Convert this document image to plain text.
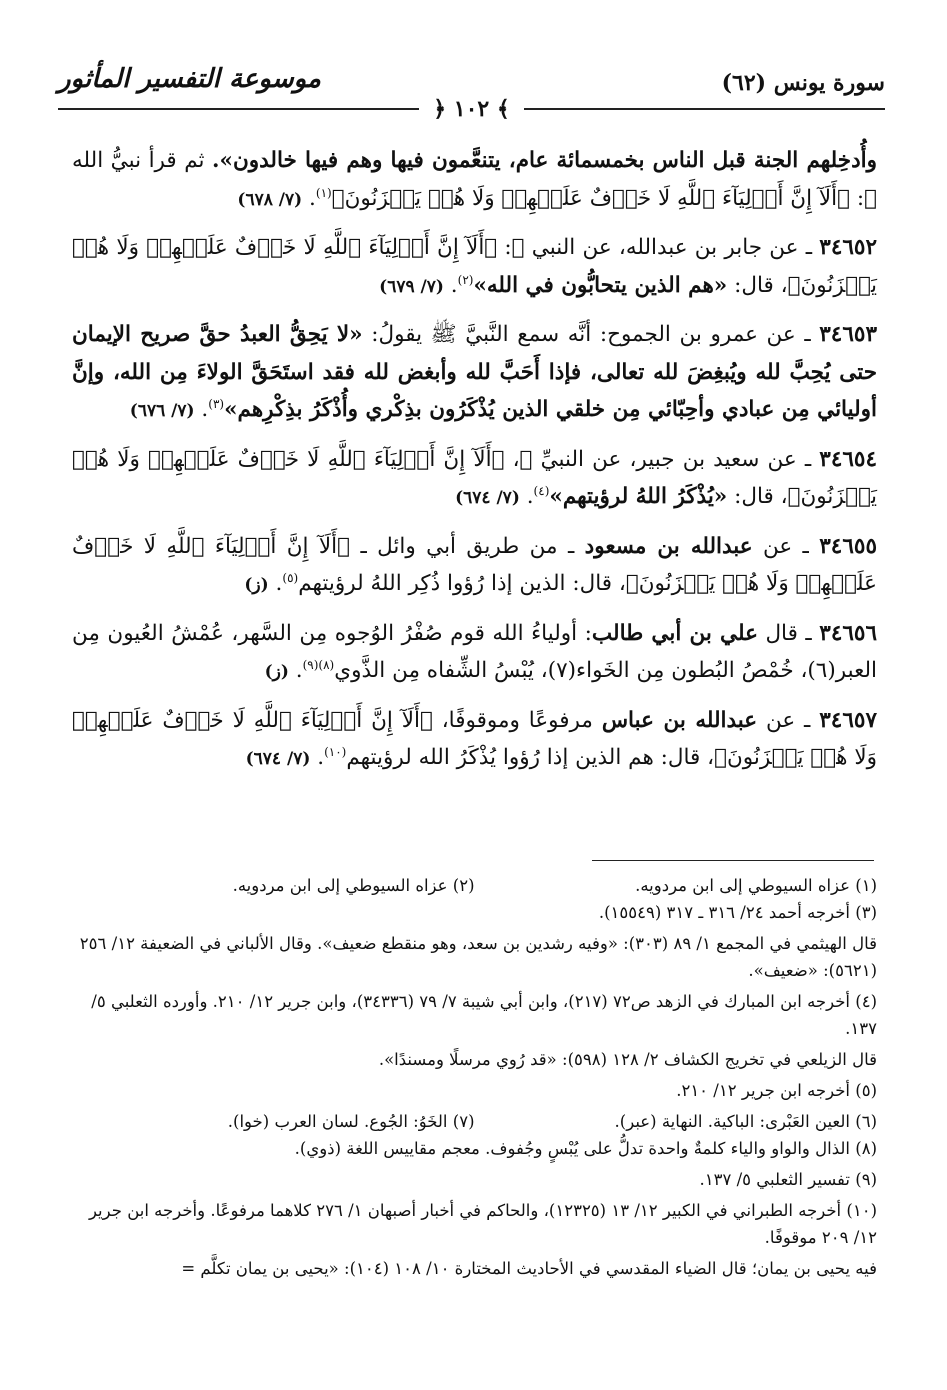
سورة يونس (٦٢)
موسوعة التفسير المأثور
﴾ ١٠٢ ﴿

وأُدخِلهم الجنة قبل الناس بخمسمائة عام، يتنعَّمون فيها وهم فيها خالدون». ثم قرأ نبيُّ الله ﷺ: ﴿أَلَآ إِنَّ أَوۡلِيَآءَ ٱللَّهِ لَا خَوۡفٌ عَلَيۡهِمۡ وَلَا هُمۡ يَحۡزَنُونَ﴾$^{(١)}$. (٧/ ٦٧٨)

٣٤٦٥٢ ـ عن جابر بن عبدالله، عن النبي ﷺ: ﴿أَلَآ إِنَّ أَوۡلِيَآءَ ٱللَّهِ لَا خَوۡفٌ عَلَيۡهِمۡ وَلَا هُمۡ يَحۡزَنُونَ﴾، قال: «هم الذين يتحابُّون في الله»$^{(٢)}$. (٧/ ٦٧٩)

٣٤٦٥٣ ـ عن عمرو بن الجموح: أنَّه سمع النَّبيَّ ﷺ يقولُ: «لا يَحِقُّ العبدُ حقَّ صريح الإيمان حتى يُحِبَّ لله ويُبغِضَ لله تعالى، فإذا أَحَبَّ لله وأبغض لله فقد استَحَقَّ الولاءَ مِن الله، وإنَّ أوليائي مِن عبادي وأحِبّائي مِن خلقي الذين يُذْكَرُون بذِكْري وأُذْكَرُ بذِكْرِهم»$^{(٣)}$. (٧/ ٦٧٦)

٣٤٦٥٤ ـ عن سعيد بن جبير، عن النبيِّ ﷺ، ﴿أَلَآ إِنَّ أَوۡلِيَآءَ ٱللَّهِ لَا خَوۡفٌ عَلَيۡهِمۡ وَلَا هُمۡ يَحۡزَنُونَ﴾، قال: «يُذْكَرُ اللهُ لرؤيتهم»$^{(٤)}$. (٧/ ٦٧٤)

٣٤٦٥٥ ـ عن عبدالله بن مسعود ـ من طريق أبي وائل ـ ﴿أَلَآ إِنَّ أَوۡلِيَآءَ ٱللَّهِ لَا خَوۡفٌ عَلَيۡهِمۡ وَلَا هُمۡ يَحۡزَنُونَ﴾، قال: الذين إذا رُؤوا ذُكِر اللهُ لرؤيتهم$^{(٥)}$. (ز)

٣٤٦٥٦ ـ قال علي بن أبي طالب: أولياءُ الله قوم صُفْرُ الوُجوه مِن السَّهر، عُمْشُ العُيون مِن العبر(٦)، خُمْصُ البُطون مِن الخَواء(٧)، يُبْسُ الشِّفاه مِن الذَّوي$^{(٨)(٩)}$. (ز)

٣٤٦٥٧ ـ عن عبدالله بن عباس مرفوعًا وموقوفًا، ﴿أَلَآ إِنَّ أَوۡلِيَآءَ ٱللَّهِ لَا خَوۡفٌ عَلَيۡهِمۡ وَلَا هُمۡ يَحۡزَنُونَ﴾، قال: هم الذين إذا رُؤوا يُذْكَرُ الله لرؤيتهم$^{(١٠)}$. (٧/ ٦٧٤)

(١) عزاه السيوطي إلى ابن مردويه.
(٢) عزاه السيوطي إلى ابن مردويه.
(٣) أخرجه أحمد ٢٤/ ٣١٦ ـ ٣١٧ (١٥٥٤٩).
قال الهيثمي في المجمع ١/ ٨٩ (٣٠٣): «وفيه رشدين بن سعد، وهو منقطع ضعيف». وقال الألباني في الضعيفة ١٢/ ٢٥٦ (٥٦٢١): «ضعيف».
(٤) أخرجه ابن المبارك في الزهد ص٧٢ (٢١٧)، وابن أبي شيبة ٧/ ٧٩ (٣٤٣٣٦)، وابن جرير ١٢/ ٢١٠. وأورده الثعلبي ٥/ ١٣٧.
قال الزيلعي في تخريج الكشاف ٢/ ١٢٨ (٥٩٨): «قد رُوي مرسلًا ومسندًا».
(٥) أخرجه ابن جرير ١٢/ ٢١٠.
(٦) العين العَبْرى: الباكية. النهاية (عبر).
(٧) الخَوُ: الجُوع. لسان العرب (خوا).
(٨) الذال والواو والياء كلمةٌ واحدة تدلُّ على يُبْسٍ وجُفوف. معجم مقاييس اللغة (ذوي).
(٩) تفسير الثعلبي ٥/ ١٣٧.
(١٠) أخرجه الطبراني في الكبير ١٢/ ١٣ (١٢٣٢٥)، والحاكم في أخبار أصبهان ١/ ٢٧٦ كلاهما مرفوعًا. وأخرجه ابن جرير ١٢/ ٢٠٩ موقوفًا.
فيه يحيى بن يمان؛ قال الضياء المقدسي في الأحاديث المختارة ١٠/ ١٠٨ (١٠٤): «يحيى بن يمان تكلَّم =
